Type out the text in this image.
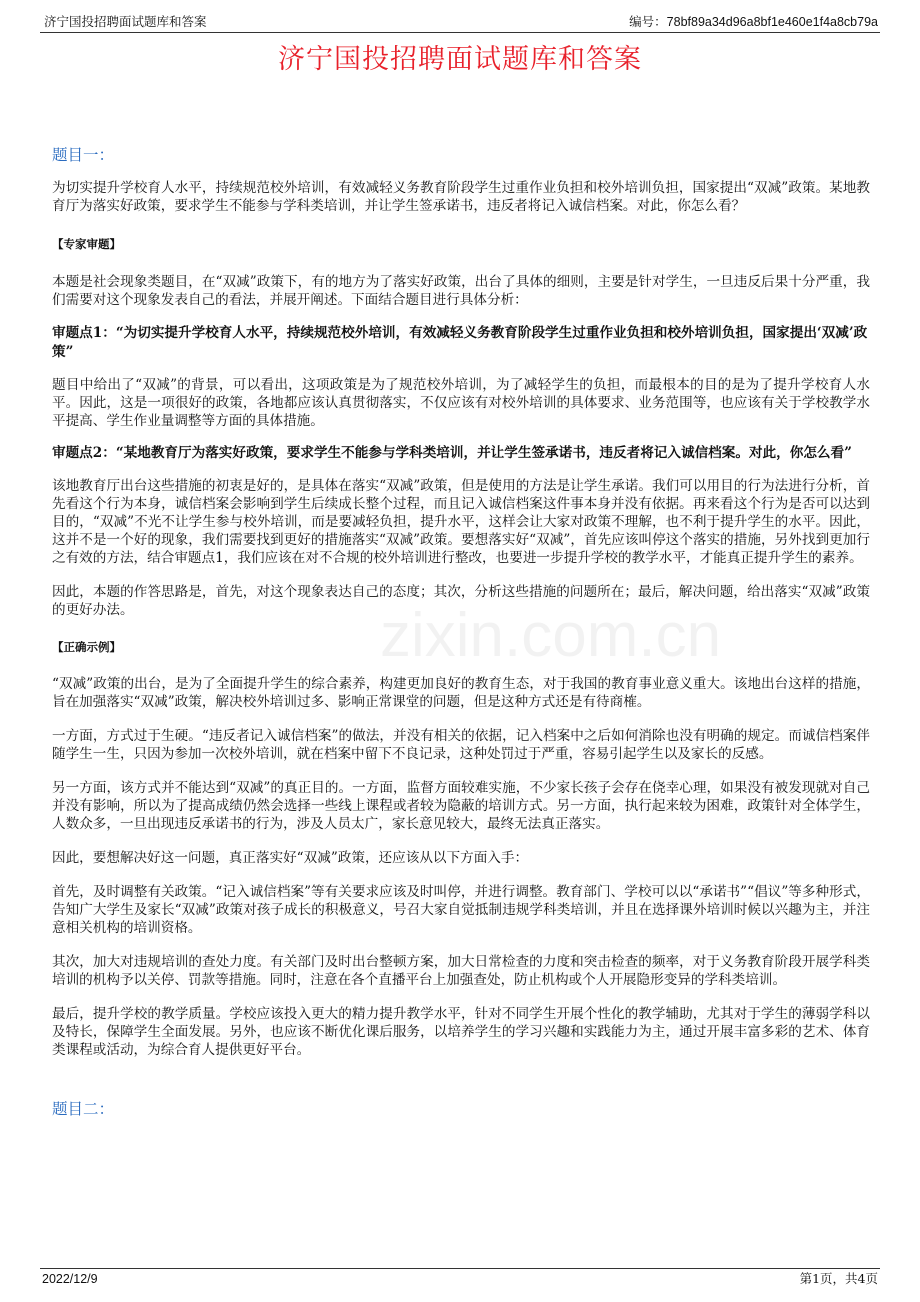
济宁国投招聘面试题库和答案	编号：78bf89a34d96a8bf1e460e1f4a8cb79a
济宁国投招聘面试题库和答案
zixin.com.cn

题目一：

为切实提升学校育人水平，持续规范校外培训，有效减轻义务教育阶段学生过重作业负担和校外培训负担，国家提出“双减”政策。某地教育厅为落实好政策，要求学生不能参与学科类培训，并让学生签承诺书，违反者将记入诚信档案。对此，你怎么看？

【专家审题】

本题是社会现象类题目，在“双减”政策下，有的地方为了落实好政策，出台了具体的细则，主要是针对学生，一旦违反后果十分严重，我们需要对这个现象发表自己的看法，并展开阐述。下面结合题目进行具体分析：

审题点1：“为切实提升学校育人水平，持续规范校外培训，有效减轻义务教育阶段学生过重作业负担和校外培训负担，国家提出‘双减’政策”

题目中给出了“双减”的背景，可以看出，这项政策是为了规范校外培训，为了减轻学生的负担，而最根本的目的是为了提升学校育人水平。因此，这是一项很好的政策，各地都应该认真贯彻落实，不仅应该有对校外培训的具体要求、业务范围等，也应该有关于学校教学水平提高、学生作业量调整等方面的具体措施。

审题点2：“某地教育厅为落实好政策，要求学生不能参与学科类培训，并让学生签承诺书，违反者将记入诚信档案。对此，你怎么看”

该地教育厅出台这些措施的初衷是好的，是具体在落实“双减”政策，但是使用的方法是让学生承诺。我们可以用目的行为法进行分析，首先看这个行为本身，诚信档案会影响到学生后续成长整个过程，而且记入诚信档案这件事本身并没有依据。再来看这个行为是否可以达到目的，“双减”不光不让学生参与校外培训，而是要减轻负担，提升水平，这样会让大家对政策不理解，也不利于提升学生的水平。因此，这并不是一个好的现象，我们需要找到更好的措施落实“双减”政策。要想落实好“双减”，首先应该叫停这个落实的措施，另外找到更加行之有效的方法，结合审题点1，我们应该在对不合规的校外培训进行整改，也要进一步提升学校的教学水平，才能真正提升学生的素养。

因此，本题的作答思路是，首先，对这个现象表达自己的态度；其次，分析这些措施的问题所在；最后，解决问题，给出落实“双减”政策的更好办法。

【正确示例】

“双减”政策的出台，是为了全面提升学生的综合素养，构建更加良好的教育生态，对于我国的教育事业意义重大。该地出台这样的措施，旨在加强落实“双减”政策，解决校外培训过多、影响正常课堂的问题，但是这种方式还是有待商榷。

一方面，方式过于生硬。“违反者记入诚信档案”的做法，并没有相关的依据，记入档案中之后如何消除也没有明确的规定。而诚信档案伴随学生一生，只因为参加一次校外培训，就在档案中留下不良记录，这种处罚过于严重，容易引起学生以及家长的反感。

另一方面，该方式并不能达到“双减”的真正目的。一方面，监督方面较难实施，不少家长孩子会存在侥幸心理，如果没有被发现就对自己并没有影响，所以为了提高成绩仍然会选择一些线上课程或者较为隐蔽的培训方式。另一方面，执行起来较为困难，政策针对全体学生，人数众多，一旦出现违反承诺书的行为，涉及人员太广，家长意见较大，最终无法真正落实。

因此，要想解决好这一问题，真正落实好“双减”政策，还应该从以下方面入手：

首先，及时调整有关政策。“记入诚信档案”等有关要求应该及时叫停，并进行调整。教育部门、学校可以以“承诺书”“倡议”等多种形式，告知广大学生及家长“双减”政策对孩子成长的积极意义，号召大家自觉抵制违规学科类培训，并且在选择课外培训时候以兴趣为主，并注意相关机构的培训资格。

其次，加大对违规培训的查处力度。有关部门及时出台整顿方案，加大日常检查的力度和突击检查的频率，对于义务教育阶段开展学科类培训的机构予以关停、罚款等措施。同时，注意在各个直播平台上加强查处，防止机构或个人开展隐形变异的学科类培训。

最后，提升学校的教学质量。学校应该投入更大的精力提升教学水平，针对不同学生开展个性化的教学辅助，尤其对于学生的薄弱学科以及特长，保障学生全面发展。另外，也应该不断优化课后服务，以培养学生的学习兴趣和实践能力为主，通过开展丰富多彩的艺术、体育类课程或活动，为综合育人提供更好平台。

题目二：

2022/12/9	第1页，共4页
